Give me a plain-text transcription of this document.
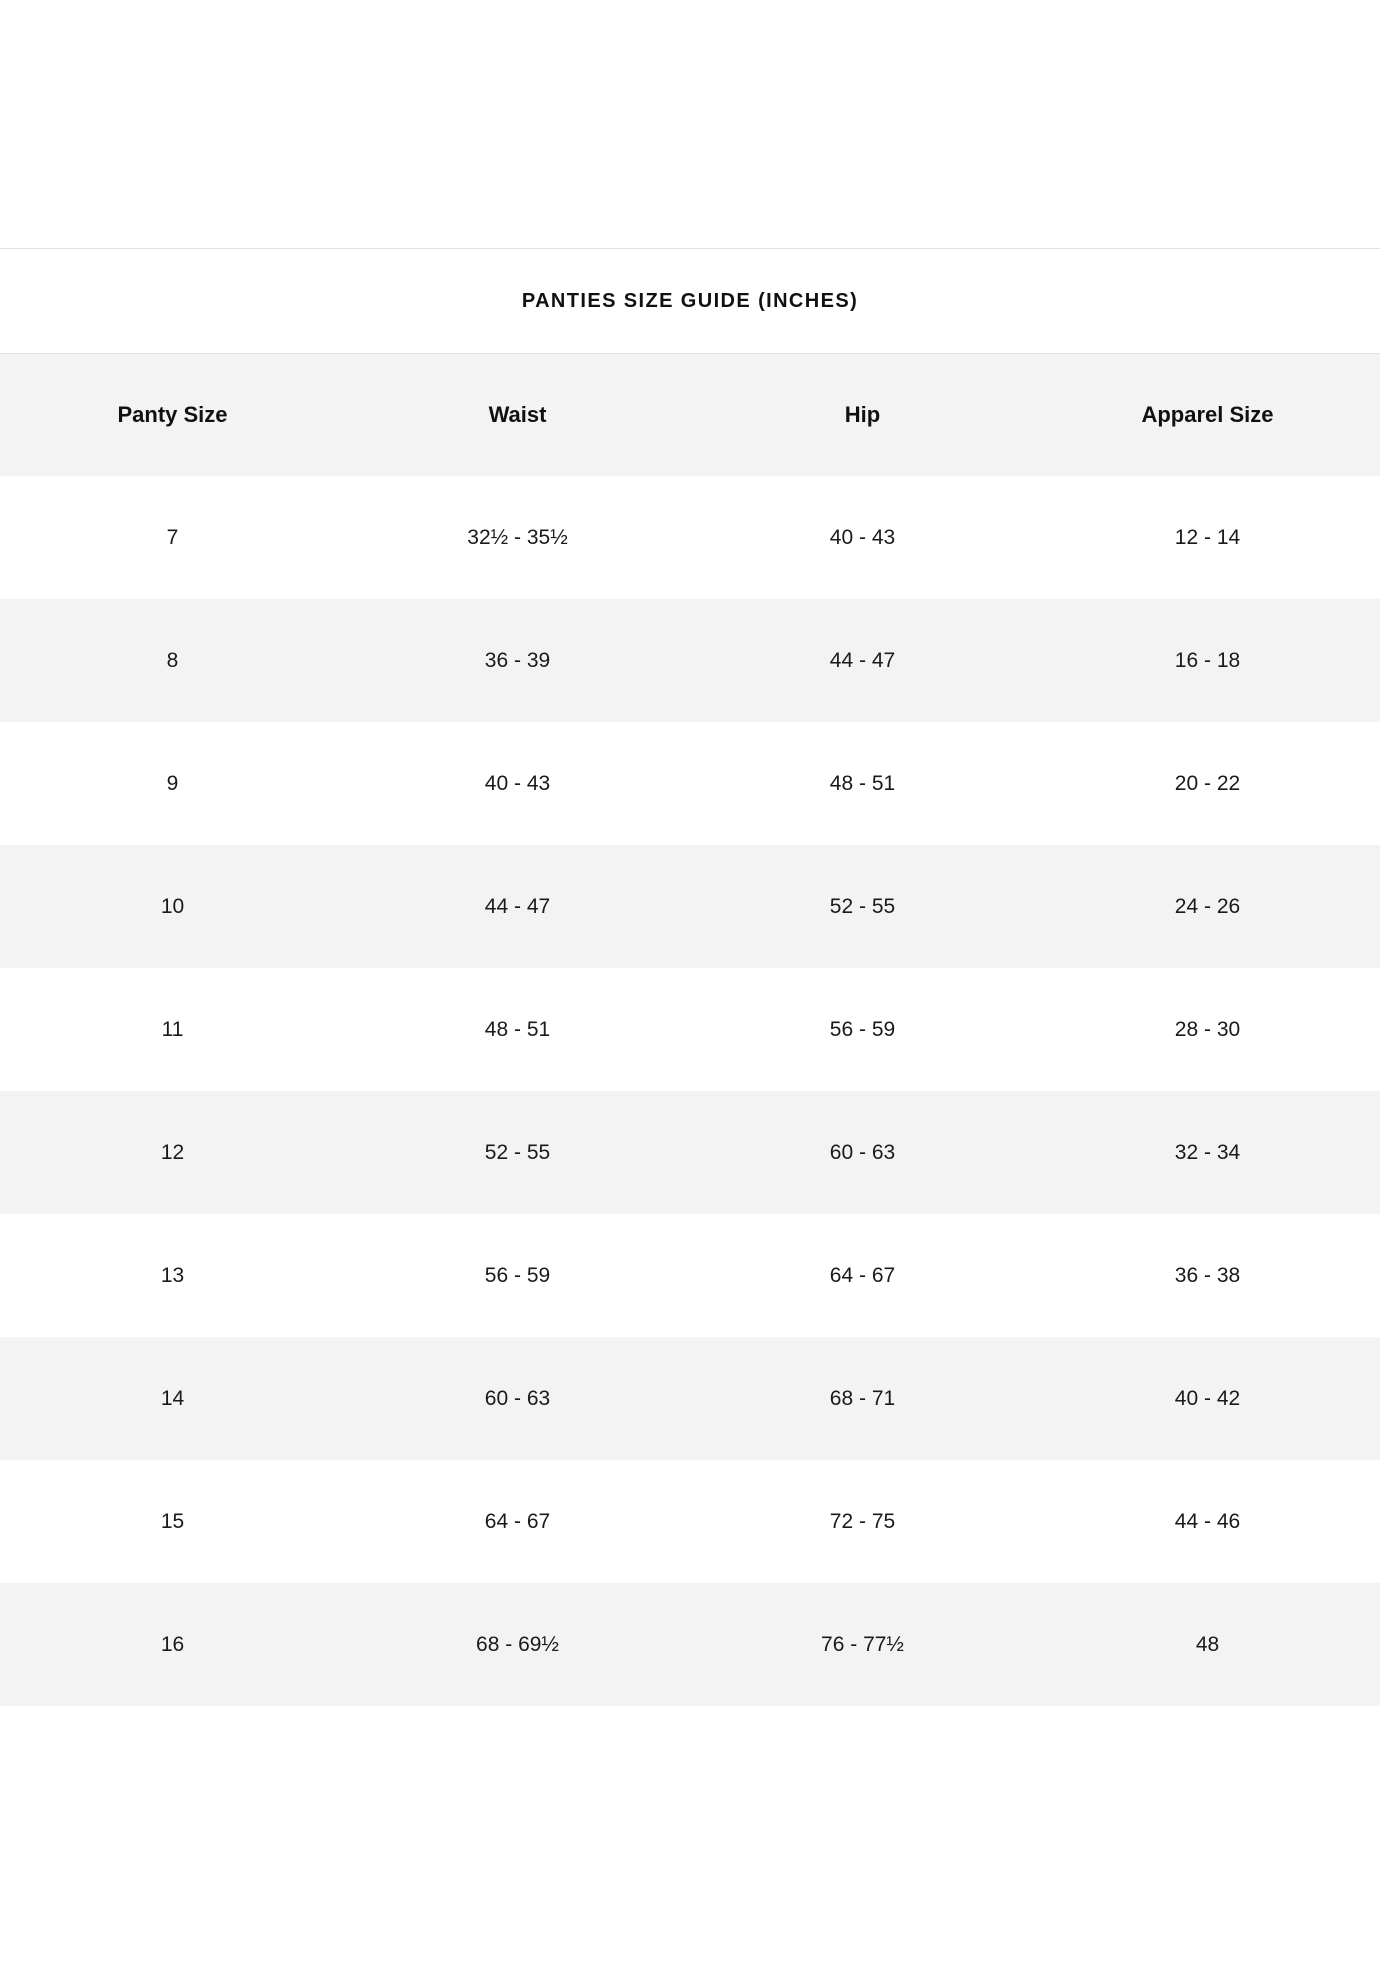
PANTIES SIZE GUIDE (INCHES)
Panty Size	Waist	Hip	Apparel Size
7	32½ - 35½	40 - 43	12 - 14
8	36 - 39	44 - 47	16 - 18
9	40 - 43	48 - 51	20 - 22
10	44 - 47	52 - 55	24 - 26
11	48 - 51	56 - 59	28 - 30
12	52 - 55	60 - 63	32 - 34
13	56 - 59	64 - 67	36 - 38
14	60 - 63	68 - 71	40 - 42
15	64 - 67	72 - 75	44 - 46
16	68 - 69½	76 - 77½	48
